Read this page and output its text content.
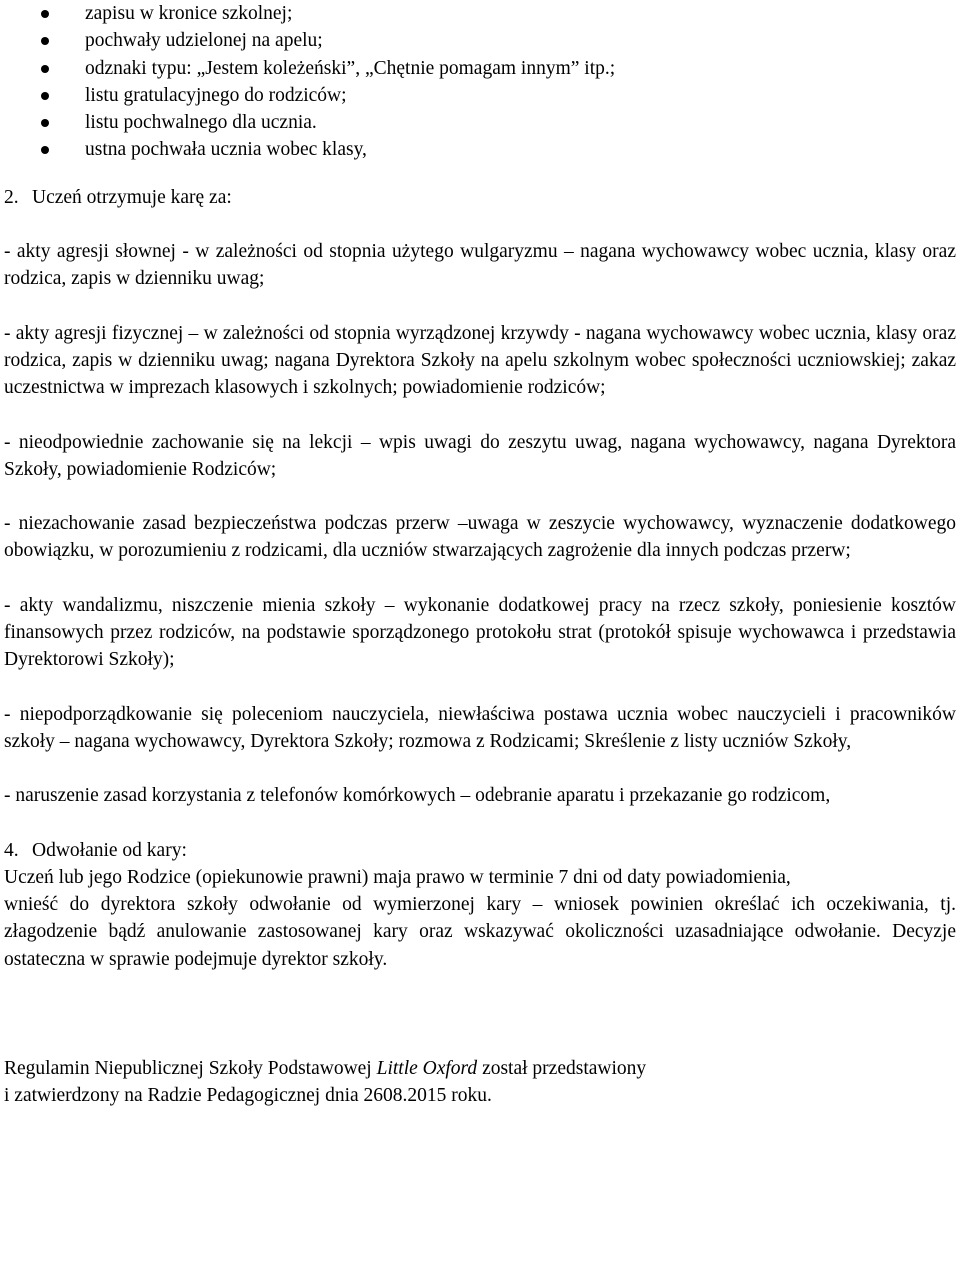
zapisu w kronice szkolnej;
pochwały udzielonej na apelu;
odznaki typu: „Jestem koleżeński”, „Chętnie pomagam innym” itp.;
listu gratulacyjnego do rodziców;
listu pochwalnego dla ucznia.
ustna pochwała ucznia wobec klasy,

2. Uczeń otrzymuje karę za:

- akty agresji słownej - w zależności od stopnia użytego wulgaryzmu – nagana wychowawcy wobec ucznia, klasy oraz rodzica, zapis w dzienniku uwag;

- akty agresji fizycznej – w zależności od stopnia wyrządzonej krzywdy - nagana wychowawcy wobec ucznia, klasy oraz rodzica, zapis w dzienniku uwag; nagana Dyrektora Szkoły na apelu szkolnym wobec społeczności uczniowskiej; zakaz uczestnictwa w imprezach klasowych i szkolnych; powiadomienie rodziców;

- nieodpowiednie zachowanie się na lekcji – wpis uwagi do zeszytu uwag, nagana wychowawcy, nagana Dyrektora Szkoły, powiadomienie Rodziców;

- niezachowanie zasad bezpieczeństwa podczas przerw –uwaga w zeszycie wychowawcy, wyznaczenie dodatkowego obowiązku, w porozumieniu z rodzicami, dla uczniów stwarzających zagrożenie dla innych podczas przerw;

- akty wandalizmu, niszczenie mienia szkoły – wykonanie dodatkowej pracy na rzecz szkoły, poniesienie kosztów finansowych przez rodziców, na podstawie sporządzonego protokołu strat (protokół spisuje wychowawca i przedstawia Dyrektorowi Szkoły);

- niepodporządkowanie się poleceniom nauczyciela, niewłaściwa postawa ucznia wobec nauczycieli i pracowników szkoły – nagana wychowawcy, Dyrektora Szkoły; rozmowa z Rodzicami; Skreślenie z listy uczniów Szkoły,

- naruszenie zasad korzystania z telefonów komórkowych – odebranie aparatu i przekazanie go rodzicom,

4. Odwołanie od kary:

Uczeń lub jego Rodzice (opiekunowie prawni) maja prawo w terminie 7 dni od daty powiadomienia,

wnieść do dyrektora szkoły odwołanie od wymierzonej kary – wniosek powinien określać ich oczekiwania, tj. złagodzenie bądź anulowanie zastosowanej kary oraz wskazywać okoliczności uzasadniające odwołanie. Decyzje ostateczna w sprawie podejmuje dyrektor szkoły.

Regulamin Niepublicznej Szkoły Podstawowej Little Oxford został przedstawiony

i zatwierdzony na Radzie Pedagogicznej dnia 2608.2015 roku.
